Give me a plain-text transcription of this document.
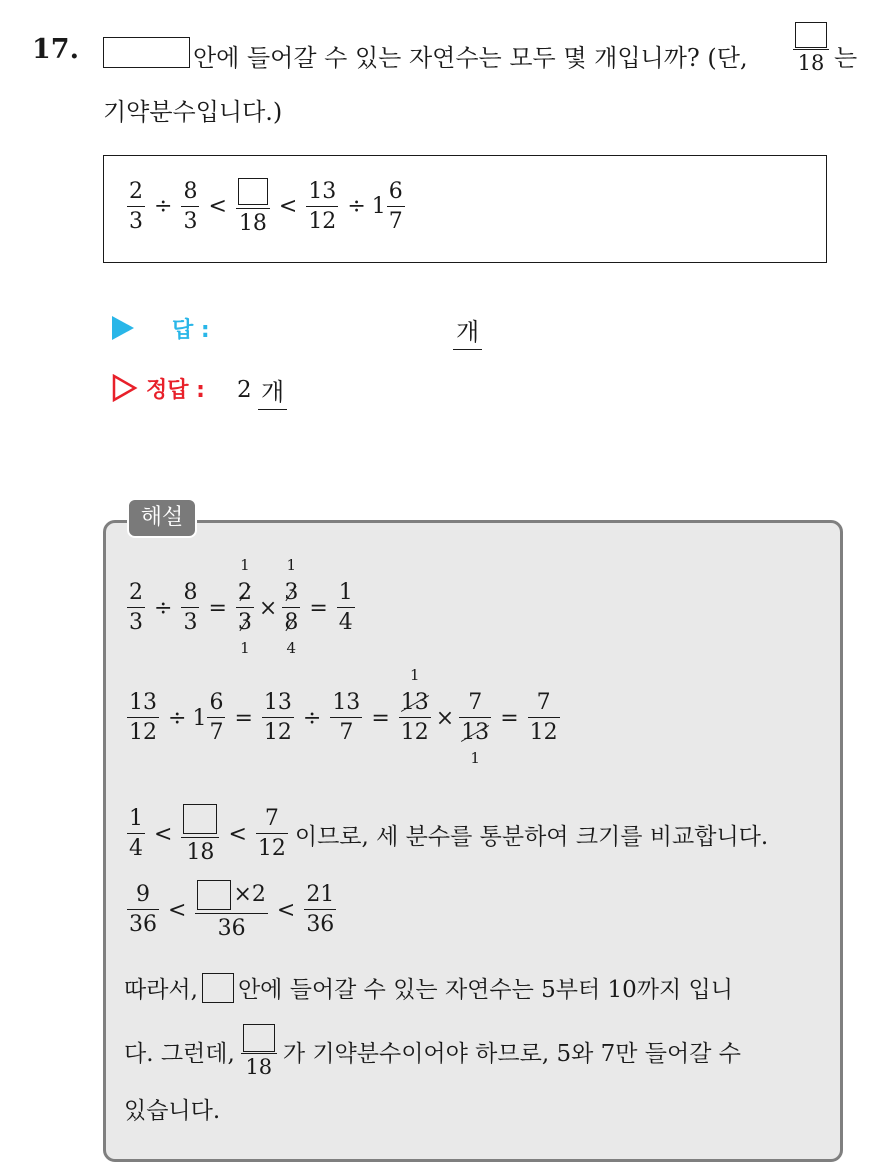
17.	안에 들어갈 수 있는 자연수는 모두 몇 개입니까? (단, 18 는
기약분수입니다.)
$\frac{2}{3} \div \frac{8}{3}$ <
18
< $\frac{13}{12} \div 1 \frac{6}{7}$
답 :	개
정답 : 2 개
해설
$\frac{2}{3} \div \frac{8}{3} = 2$
1
3
1 × 3
1
8
$4 = \frac{1}{4}$
$\frac{13}{12} \div 1 \frac{6}{7} = \frac{13}{12} \div \frac{13}{7} = 13$
1
12 × 7
13
$1 = \frac{7}{12}$
$\frac{1}{4}$ <
18
< $\frac{7}{12}$ 이므로, 세 분수를 통분하여 크기를 비교합니다.
$\frac{9}{36} < \frac{\times 2}{36} < \frac{21}{36}$
따라서, 안에 들어갈 수 있는 자연수는 5부터 10까지 입니
다. 그런데,
18
가 기약분수이어야 하므로, 5와 7만 들어갈 수
있습니다.
